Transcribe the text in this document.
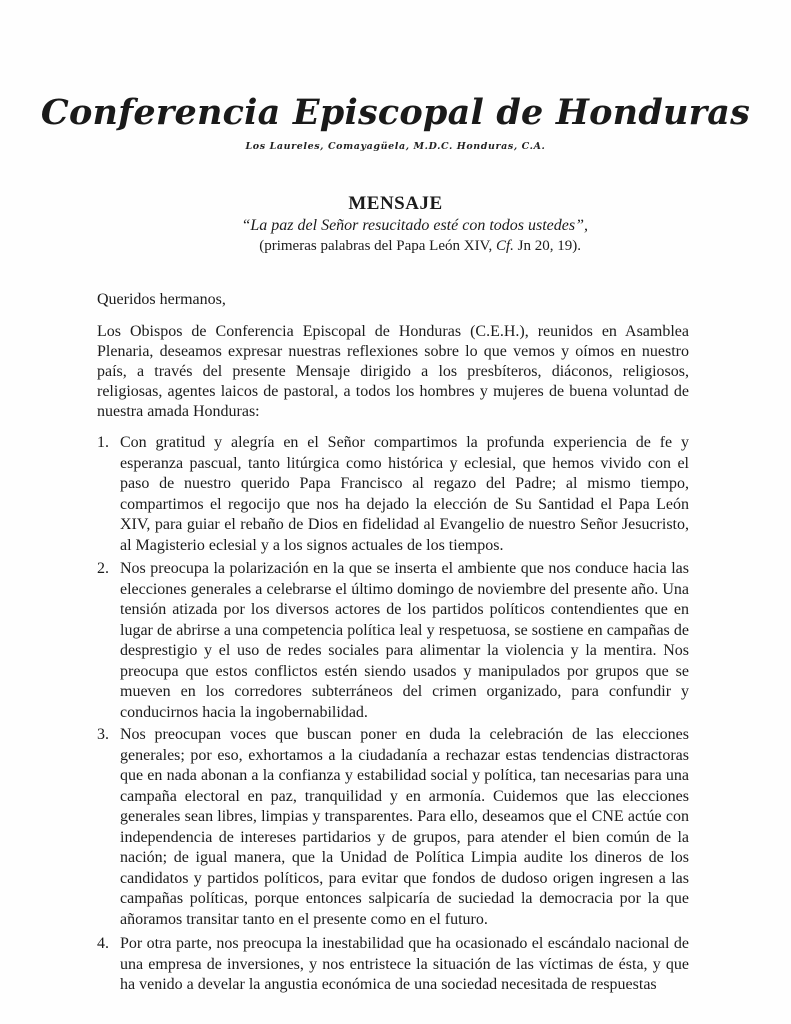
Conferencia Episcopal de Honduras
Los Laureles, Comayagüela, M.D.C. Honduras, C.A.
MENSAJE
“La paz del Señor resucitado esté con todos ustedes”,
(primeras palabras del Papa León XIV, Cf. Jn 20, 19).
Queridos hermanos,
Los Obispos de Conferencia Episcopal de Honduras (C.E.H.), reunidos en Asamblea Plenaria, deseamos expresar nuestras reflexiones sobre lo que vemos y oímos en nuestro país, a través del presente Mensaje dirigido a los presbíteros, diáconos, religiosos, religiosas, agentes laicos de pastoral, a todos los hombres y mujeres de buena voluntad de nuestra amada Honduras:
1. Con gratitud y alegría en el Señor compartimos la profunda experiencia de fe y esperanza pascual, tanto litúrgica como histórica y eclesial, que hemos vivido con el paso de nuestro querido Papa Francisco al regazo del Padre; al mismo tiempo, compartimos el regocijo que nos ha dejado la elección de Su Santidad el Papa León XIV, para guiar el rebaño de Dios en fidelidad al Evangelio de nuestro Señor Jesucristo, al Magisterio eclesial y a los signos actuales de los tiempos.
2. Nos preocupa la polarización en la que se inserta el ambiente que nos conduce hacia las elecciones generales a celebrarse el último domingo de noviembre del presente año. Una tensión atizada por los diversos actores de los partidos políticos contendientes que en lugar de abrirse a una competencia política leal y respetuosa, se sostiene en campañas de desprestigio y el uso de redes sociales para alimentar la violencia y la mentira. Nos preocupa que estos conflictos estén siendo usados y manipulados por grupos que se mueven en los corredores subterráneos del crimen organizado, para confundir y conducirnos hacia la ingobernabilidad.
3. Nos preocupan voces que buscan poner en duda la celebración de las elecciones generales; por eso, exhortamos a la ciudadanía a rechazar estas tendencias distractoras que en nada abonan a la confianza y estabilidad social y política, tan necesarias para una campaña electoral en paz, tranquilidad y en armonía. Cuidemos que las elecciones generales sean libres, limpias y transparentes. Para ello, deseamos que el CNE actúe con independencia de intereses partidarios y de grupos, para atender el bien común de la nación; de igual manera, que la Unidad de Política Limpia audite los dineros de los candidatos y partidos políticos, para evitar que fondos de dudoso origen ingresen a las campañas políticas, porque entonces salpicaría de suciedad la democracia por la que añoramos transitar tanto en el presente como en el futuro.
4. Por otra parte, nos preocupa la inestabilidad que ha ocasionado el escándalo nacional de una empresa de inversiones, y nos entristece la situación de las víctimas de ésta, y que ha venido a develar la angustia económica de una sociedad necesitada de respuestas
